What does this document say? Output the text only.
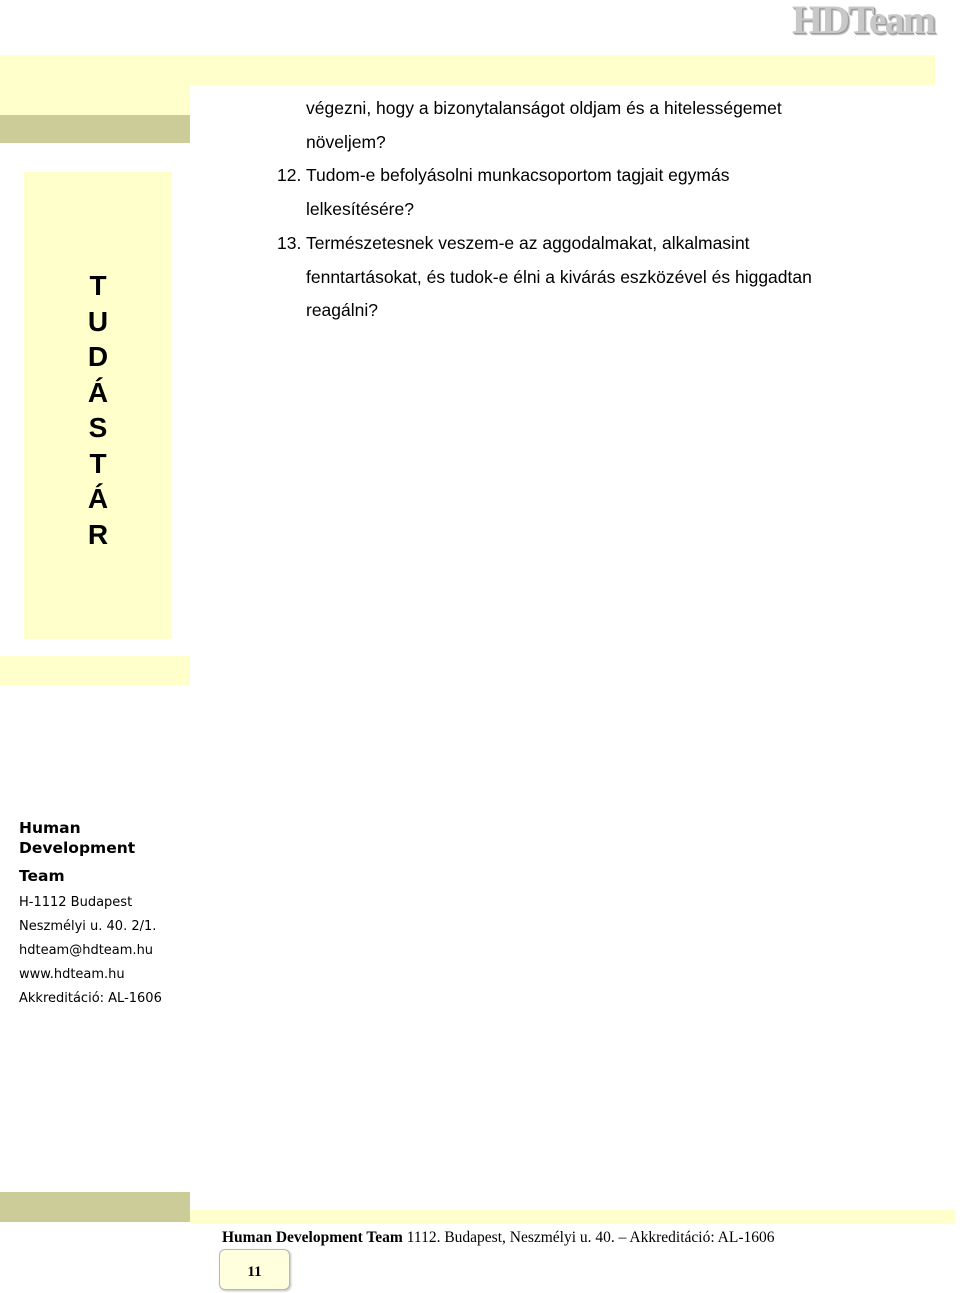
HDTeam
T
U
D
Á
S
T
Á
R
végezni, hogy a bizonytalanságot oldjam és a hitelességemet
növeljem?
12. Tudom-e befolyásolni munkacsoportom tagjait egymás
lelkesítésére?
13. Természetesnek veszem-e az aggodalmakat, alkalmasint
fenntartásokat, és tudok-e élni a kivárás eszközével és higgadtan
reagálni?
Human
Development
Team
H-1112 Budapest
Neszmélyi u. 40. 2/1.
hdteam@hdteam.hu
www.hdteam.hu
Akkreditáció: AL-1606
Human Development Team 1112. Budapest, Neszmélyi u. 40. – Akkreditáció: AL-1606
11
